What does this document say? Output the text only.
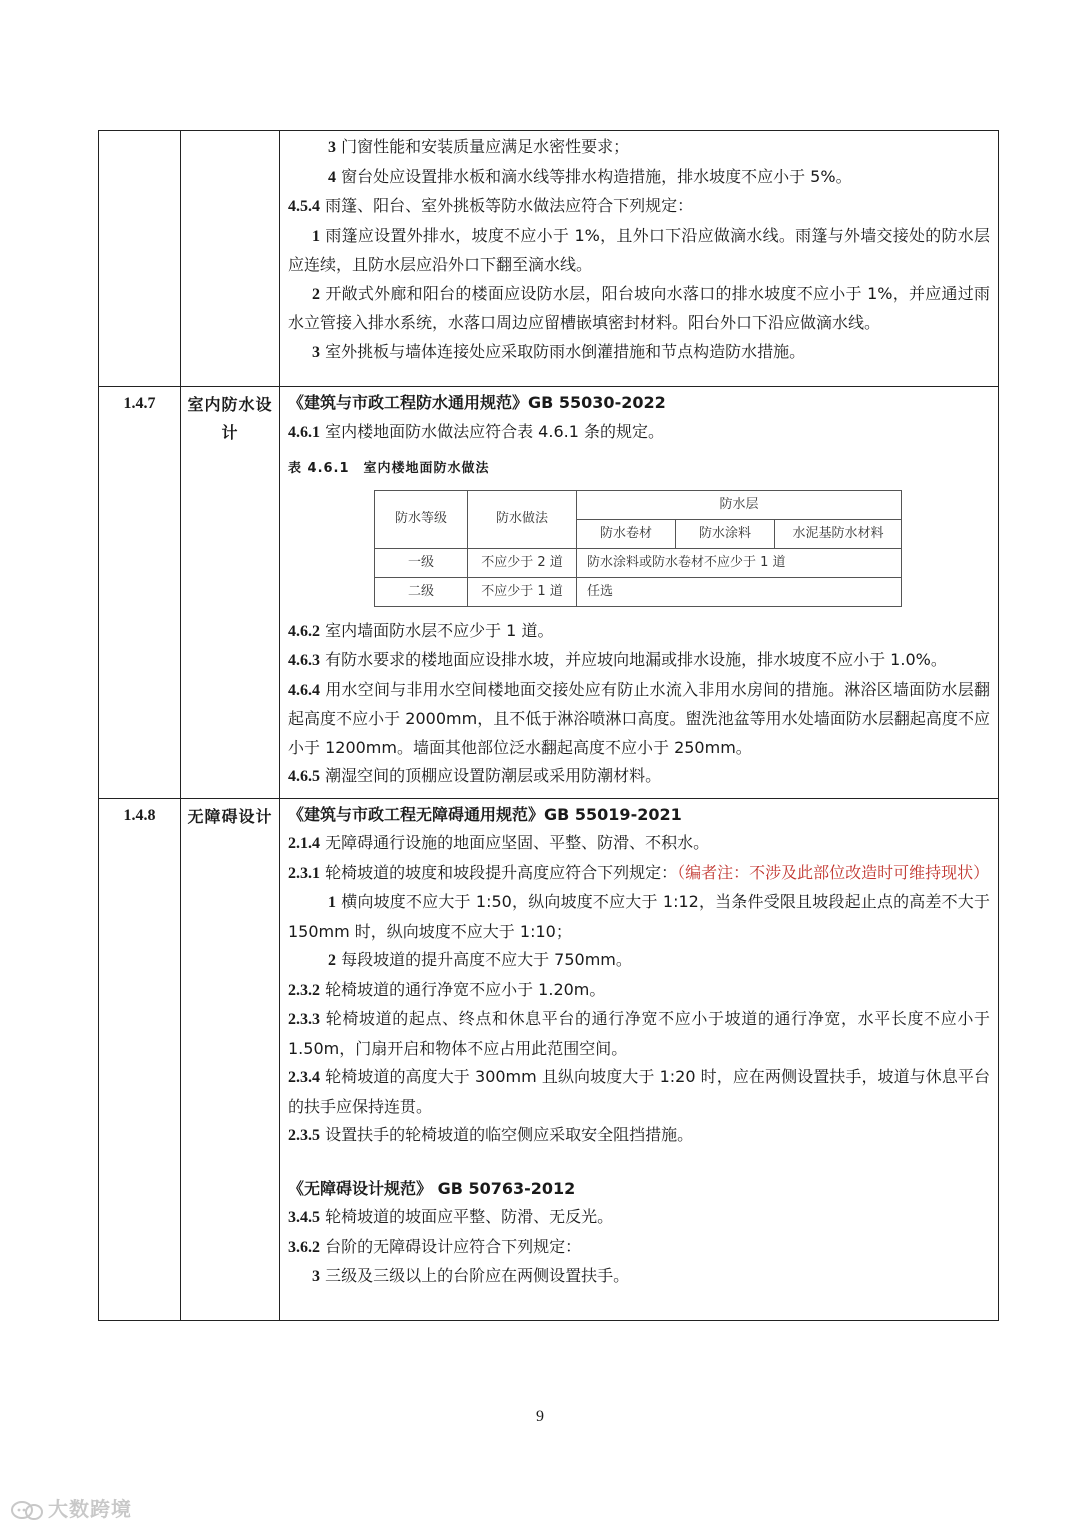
3 门窗性能和安装质量应满足水密性要求；

4 窗台处应设置排水板和滴水线等排水构造措施，排水坡度不应小于 5%。

4.5.4 雨篷、阳台、室外挑板等防水做法应符合下列规定：

1 雨篷应设置外排水，坡度不应小于 1%，且外口下沿应做滴水线。雨篷与外墙交接处的防水层应连续，且防水层应沿外口下翻至滴水线。

2 开敞式外廊和阳台的楼面应设防水层，阳台坡向水落口的排水坡度不应小于 1%，并应通过雨水立管接入排水系统，水落口周边应留槽嵌填密封材料。阳台外口下沿应做滴水线。

3 室外挑板与墙体连接处应采取防雨水倒灌措施和节点构造防水措施。

1.4.7	室内防水设计	

《建筑与市政工程防水通用规范》GB 55030-2022

4.6.1 室内楼地面防水做法应符合表 4.6.1 条的规定。

表 4.6.1　室内楼地面防水做法

防水等级	防水做法	防水层
防水卷材	防水涂料	水泥基防水材料
一级	不应少于 2 道	防水涂料或防水卷材不应少于 1 道
二级	不应少于 1 道	任选

4.6.2 室内墙面防水层不应少于 1 道。

4.6.3 有防水要求的楼地面应设排水坡，并应坡向地漏或排水设施，排水坡度不应小于 1.0%。

4.6.4 用水空间与非用水空间楼地面交接处应有防止水流入非用水房间的措施。淋浴区墙面防水层翻起高度不应小于 2000mm，且不低于淋浴喷淋口高度。盥洗池盆等用水处墙面防水层翻起高度不应小于 1200mm。墙面其他部位泛水翻起高度不应小于 250mm。

4.6.5 潮湿空间的顶棚应设置防潮层或采用防潮材料。

1.4.8	无障碍设计	《建筑与市政工程无障碍通用规范》GB 55019-2021

2.1.4 无障碍通行设施的地面应坚固、平整、防滑、不积水。

2.3.1 轮椅坡道的坡度和坡段提升高度应符合下列规定：（编者注：不涉及此部位改造时可维持现状）

1 横向坡度不应大于 1:50，纵向坡度不应大于 1:12，当条件受限且坡段起止点的高差不大于 150mm 时，纵向坡度不应大于 1:10；

2 每段坡道的提升高度不应大于 750mm。

2.3.2 轮椅坡道的通行净宽不应小于 1.20m。

2.3.3 轮椅坡道的起点、终点和休息平台的通行净宽不应小于坡道的通行净宽，水平长度不应小于 1.50m，门扇开启和物体不应占用此范围空间。

2.3.4 轮椅坡道的高度大于 300mm 且纵向坡度大于 1:20 时，应在两侧设置扶手，坡道与休息平台的扶手应保持连贯。

2.3.5 设置扶手的轮椅坡道的临空侧应采取安全阻挡措施。

《无障碍设计规范》 GB 50763-2012

3.4.5 轮椅坡道的坡面应平整、防滑、无反光。

3.6.2 台阶的无障碍设计应符合下列规定：

3 三级及三级以上的台阶应在两侧设置扶手。

9
大数跨境
